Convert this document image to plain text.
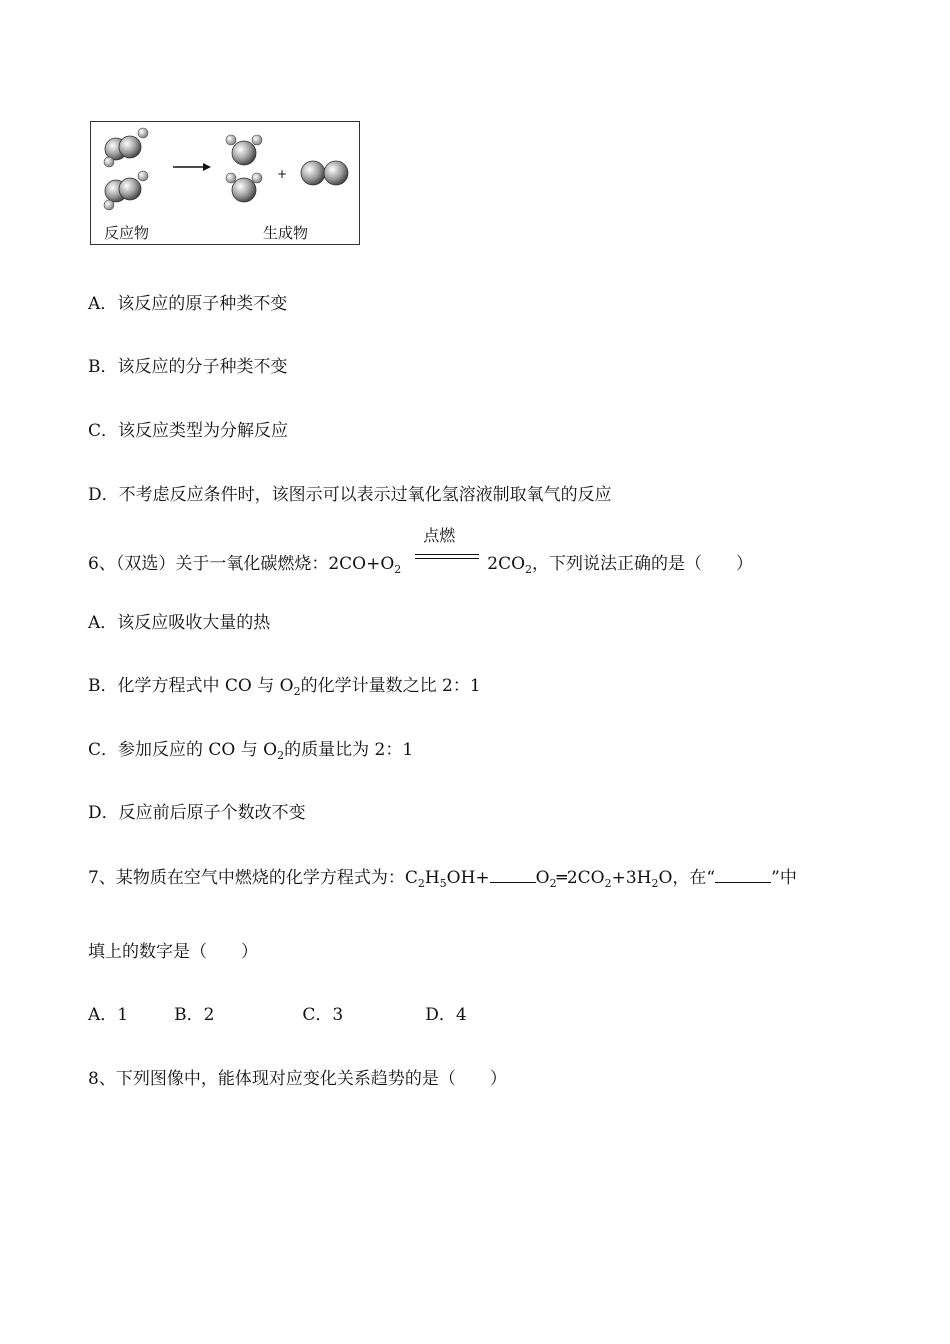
+
反应物	生成物
A．该反应的原子种类不变
B．该反应的分子种类不变
C．该反应类型为分解反应
D．不考虑反应条件时，该图示可以表示过氧化氢溶液制取氧气的反应
6、（双选）关于一氧化碳燃烧：$2CO+O_2$
点燃
$2CO_2$，下列说法正确的是（　　）
A．该反应吸收大量的热
B．化学方程式中 CO 与 $O_2$的化学计量数之比 2：1
C．参加反应的 CO 与 $O_2$的质量比为 2：1
D．反应前后原子个数改不变
7、某物质在空气中燃烧的化学方程式为：$C_2H_5OH+$	$O_2═2CO_2+3H_2O$，在“	”中
填上的数字是（　　）
A．1	B．2	C．3	D．4
8、下列图像中，能体现对应变化关系趋势的是（　　）
